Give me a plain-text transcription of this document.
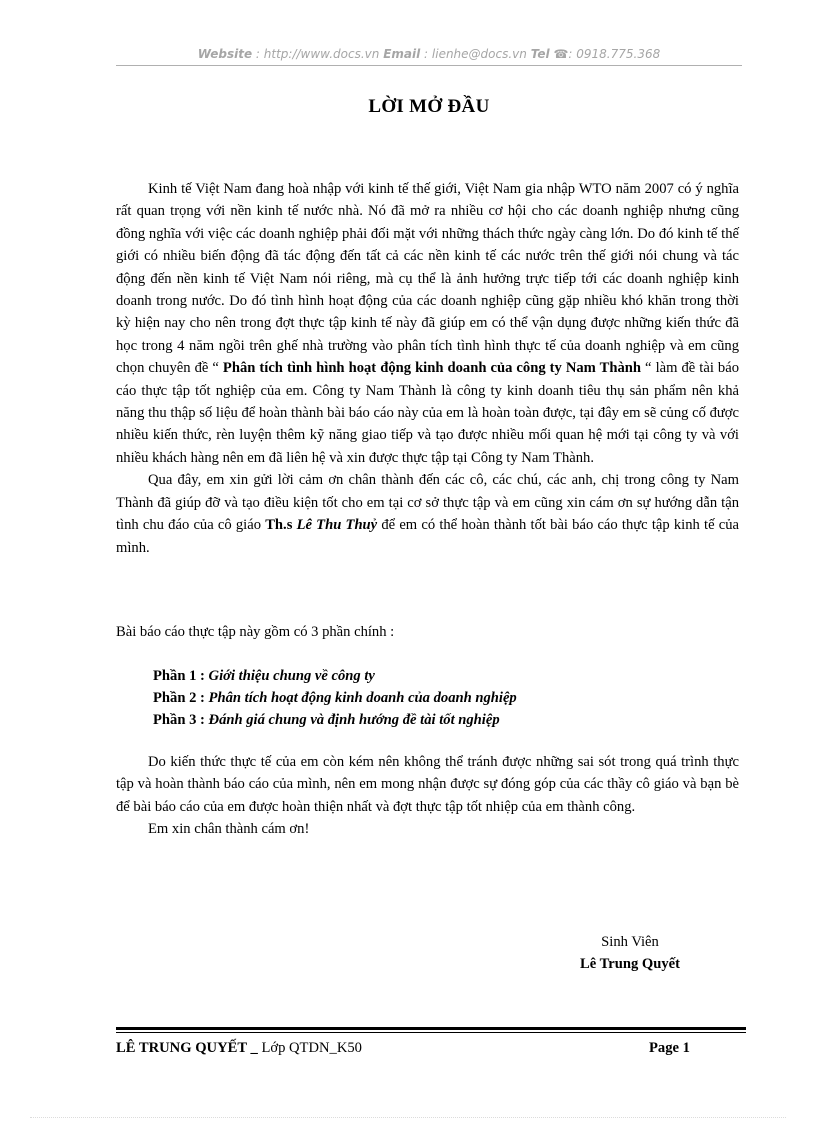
Website : http://www.docs.vn Email : lienhe@docs.vn Tel ☎: 0918.775.368
LỜI MỞ ĐẦU

Kinh tế Việt Nam đang hoà nhập với kinh tế thế giới, Việt Nam gia nhập WTO năm 2007 có ý nghĩa rất quan trọng với nền kinh tế nước nhà. Nó đã mở ra nhiều cơ hội cho các doanh nghiệp nhưng cũng đồng nghĩa với việc các doanh nghiệp phải đối mặt với những thách thức ngày càng lớn. Do đó kinh tế thế giới có nhiều biến động đã tác động đến tất cả các nền kinh tế các nước trên thế giới nói chung và tác động đến nền kinh tế Việt Nam nói riêng, mà cụ thể là ảnh hưởng trực tiếp tới các doanh nghiệp kinh doanh trong nước. Do đó tình hình hoạt động của các doanh nghiệp cũng gặp nhiều khó khăn trong thời kỳ hiện nay cho nên trong đợt thực tập kinh tế này đã giúp em có thể vận dụng được những kiến thức đã học trong 4 năm ngồi trên ghế nhà trường vào phân tích tình hình thực tế của doanh nghiệp và em cũng chọn chuyên đề “ Phân tích tình hình hoạt động kinh doanh của công ty Nam Thành “ làm đề tài báo cáo thực tập tốt nghiệp của em. Công ty Nam Thành là công ty kinh doanh tiêu thụ sản phẩm nên khả năng thu thập số liệu để hoàn thành bài báo cáo này của em là hoàn toàn được, tại đây em sẽ củng cố được nhiều kiến thức, rèn luyện thêm kỹ năng giao tiếp và tạo được nhiều mối quan hệ mới tại công ty và với nhiều khách hàng nên em đã liên hệ và xin được thực tập tại Công ty Nam Thành.

Qua đây, em xin gửi lời cảm ơn chân thành đến các cô, các chú, các anh, chị trong công ty Nam Thành đã giúp đỡ và tạo điều kiện tốt cho em tại cơ sở thực tập và em cũng xin cám ơn sự hướng dẫn tận tình chu đáo của cô giáo Th.s Lê Thu Thuỷ để em có thể hoàn thành tốt bài báo cáo thực tập kinh tế của mình.

Bài báo cáo thực tập này gồm có 3 phần chính :
Phần 1 : Giới thiệu chung về công ty
Phần 2 : Phân tích hoạt động kinh doanh của doanh nghiệp
Phần 3 : Đánh giá chung và định hướng đề tài tốt nghiệp

Do kiến thức thực tế của em còn kém nên không thể tránh được những sai sót trong quá trình thực tập và hoàn thành báo cáo của mình, nên em mong nhận được sự đóng góp của các thầy cô giáo và bạn bè để bài báo cáo của em được hoàn thiện nhất và đợt thực tập tốt nhiệp của em thành công.

Em xin chân thành cám ơn!

Sinh Viên
Lê Trung Quyết
LÊ TRUNG QUYẾT _ Lớp QTDN_K50	Page 1
